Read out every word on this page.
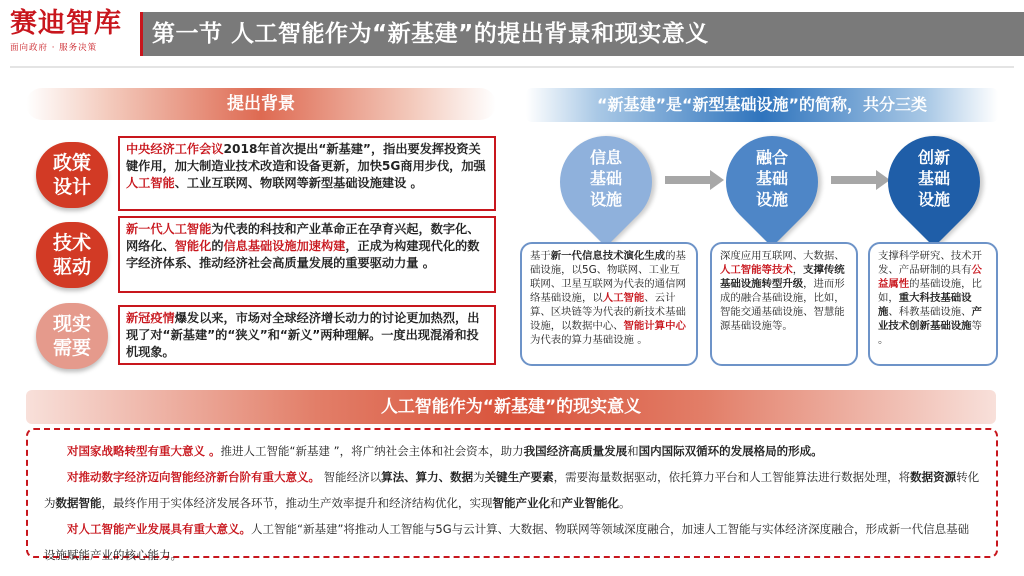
赛迪智库
面向政府 · 服务决策
第一节 人工智能作为“新基建”的提出背景和现实意义
提出背景
政策设计
中央经济工作会议2018年首次提出“新基建”，指出要发挥投资关键作用，加大制造业技术改造和设备更新，加快5G商用步伐，加强人工智能、工业互联网、物联网等新型基础设施建设 。
技术驱动
新一代人工智能为代表的科技和产业革命正在孕育兴起，数字化、网络化、智能化的信息基础设施加速构建，正成为构建现代化的数字经济体系、推动经济社会高质量发展的重要驱动力量 。
现实需要
新冠疫情爆发以来，市场对全球经济增长动力的讨论更加热烈，出现了对“新基建”的“狭义”和“新义”两种理解。一度出现混淆和投机现象。
“新基建”是“新型基础设施”的简称，共分三类
信息基础设施
基于新一代信息技术演化生成的基础设施，以5G、物联网、工业互联网、卫星互联网为代表的通信网络基础设施，以人工智能、云计算、区块链等为代表的新技术基础设施，以数据中心、智能计算中心为代表的算力基础设施 。
融合基础设施
深度应用互联网、大数据、人工智能等技术，支撑传统基础设施转型升级，进而形成的融合基础设施，比如，智能交通基础设施、智慧能源基础设施等。
创新基础设施
支撑科学研究、技术开发、产品研制的具有公益属性的基础设施，比如，重大科技基础设施、科教基础设施、产业技术创新基础设施等 。
人工智能作为“新基建”的现实意义

对国家战略转型有重大意义 。推进人工智能“新基建 ”，将广纳社会主体和社会资本，助力我国经济高质量发展和国内国际双循环的发展格局的形成。

对推动数字经济迈向智能经济新台阶有重大意义。 智能经济以算法、算力、数据为关键生产要素，需要海量数据驱动，依托算力平台和人工智能算法进行数据处理，将数据资源转化为数据智能，最终作用于实体经济发展各环节，推动生产效率提升和经济结构优化，实现智能产业化和产业智能化。

对人工智能产业发展具有重大意义。人工智能“新基建”将推动人工智能与5G与云计算、大数据、物联网等领域深度融合，加速人工智能与实体经济深度融合，形成新一代信息基础设施赋能产业的核心能力。
